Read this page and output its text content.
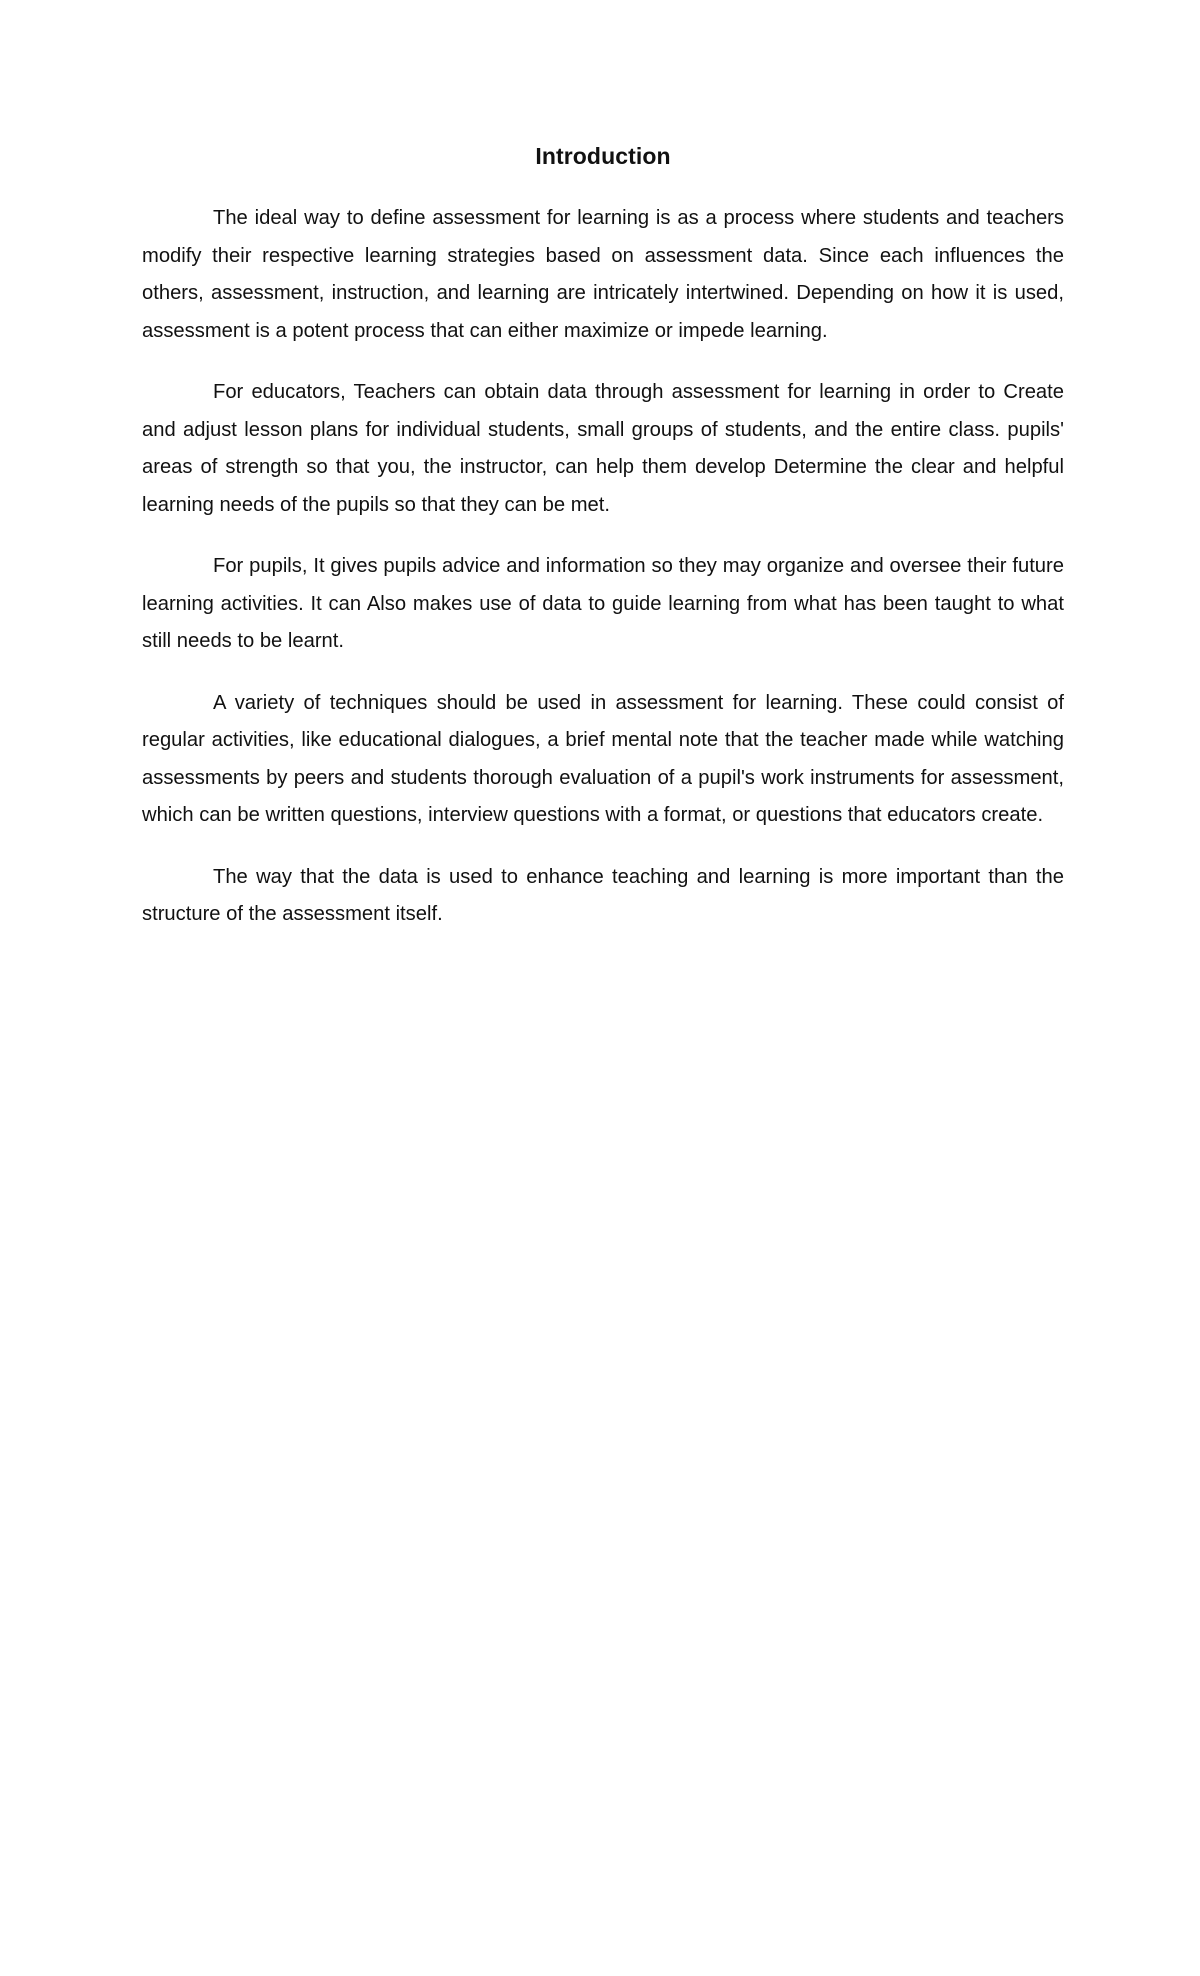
Introduction

The ideal way to define assessment for learning is as a process where students and teachers modify their respective learning strategies based on assessment data. Since each influences the others, assessment, instruction, and learning are intricately intertwined. Depending on how it is used, assessment is a potent process that can either maximize or impede learning.

For educators, Teachers can obtain data through assessment for learning in order to Create and adjust lesson plans for individual students, small groups of students, and the entire class. pupils' areas of strength so that you, the instructor, can help them develop Determine the clear and helpful learning needs of the pupils so that they can be met.

For pupils, It gives pupils advice and information so they may organize and oversee their future learning activities. It can Also makes use of data to guide learning from what has been taught to what still needs to be learnt.

A variety of techniques should be used in assessment for learning. These could consist of regular activities, like educational dialogues, a brief mental note that the teacher made while watching assessments by peers and students thorough evaluation of a pupil's work instruments for assessment, which can be written questions, interview questions with a format, or questions that educators create.

The way that the data is used to enhance teaching and learning is more important than the structure of the assessment itself.
